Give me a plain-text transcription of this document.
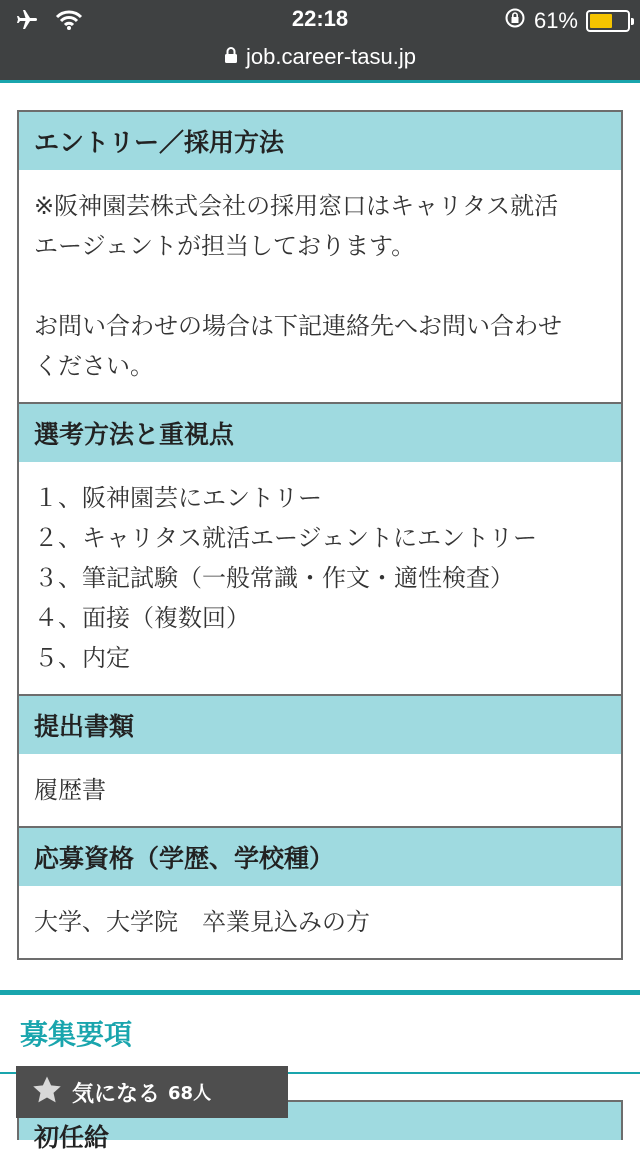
22:18	61%
job.career-tasu.jp
エントリー／採用方法

※阪神園芸株式会社の採用窓口はキャリタス就活

エージェントが担当しております。

お問い合わせの場合は下記連絡先へお問い合わせ

ください。

選考方法と重視点

１、阪神園芸にエントリー

２、キャリタス就活エージェントにエントリー

３、筆記試験（一般常識・作文・適性検査）

４、面接（複数回）

５、内定

提出書類

履歴書

応募資格（学歴、学校種）

大学、大学院　卒業見込みの方

募集要項
初任給
気になる 68人
